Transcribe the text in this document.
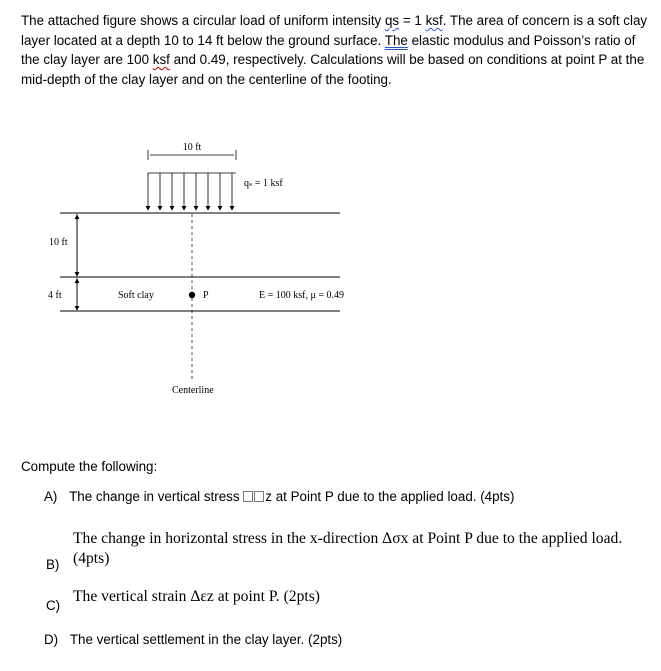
The attached figure shows a circular load of uniform intensity qs = 1 ksf. The area of concern is a soft clay layer located at a depth 10 to 14 ft below the ground surface. The elastic modulus and Poisson’s ratio of the clay layer are 100 ksf and 0.49, respectively. Calculations will be based on conditions at point P at the mid-depth of the clay layer and on the centerline of the footing.

10 ft
qₛ = 1 ksf
10 ft
4 ft	Soft clay	P	E = 100 ksf, μ = 0.49
Centerline

Compute the following:

A) The change in vertical stress z at Point P due to the applied load. (4pts)
The change in horizontal stress in the x-direction Δσx at Point P due to the applied load. (4pts)
B)
The vertical strain Δεz at point P. (2pts)
C)
D) The vertical settlement in the clay layer. (2pts)
